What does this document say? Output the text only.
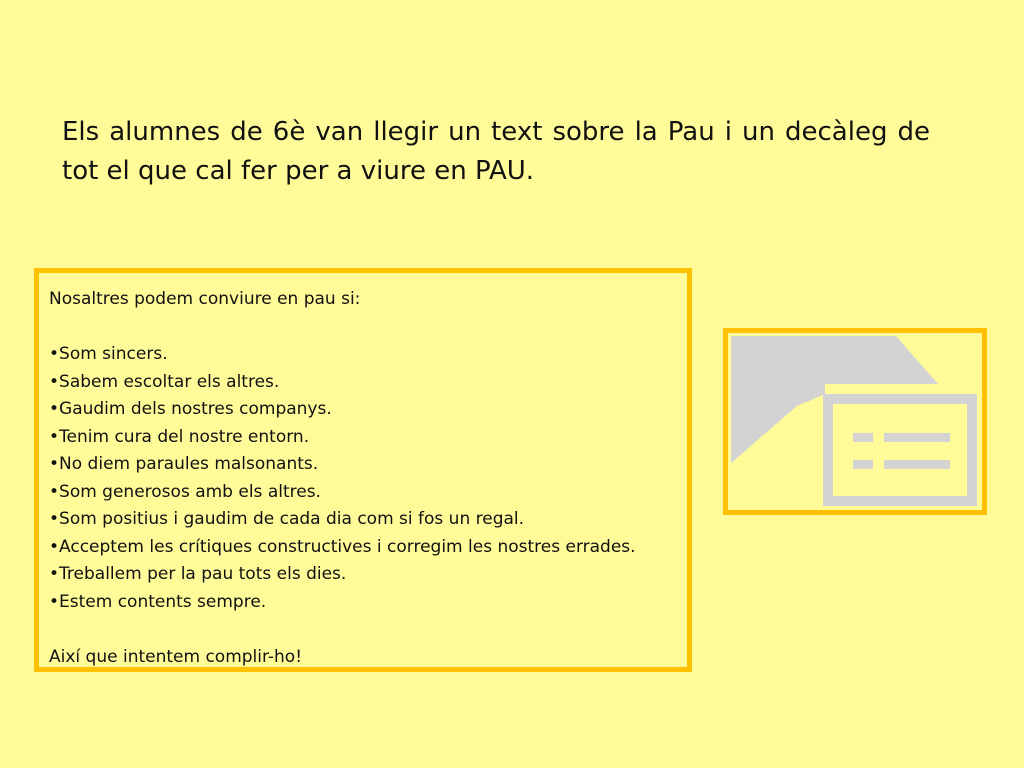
Els alumnes de 6è van llegir un text sobre la Pau i un decàleg de tot el que cal fer per a viure en PAU.

Nosaltres podem conviure en pau si:

•Som sincers.

•Sabem escoltar els altres.

•Gaudim dels nostres companys.

•Tenim cura del nostre entorn.

•No diem paraules malsonants.

•Som generosos amb els altres.

•Som positius i gaudim de cada dia com si fos un regal.

•Acceptem les crítiques constructives i corregim les nostres errades.

•Treballem per la pau tots els dies.

•Estem contents sempre.

Així que intentem complir-ho!
